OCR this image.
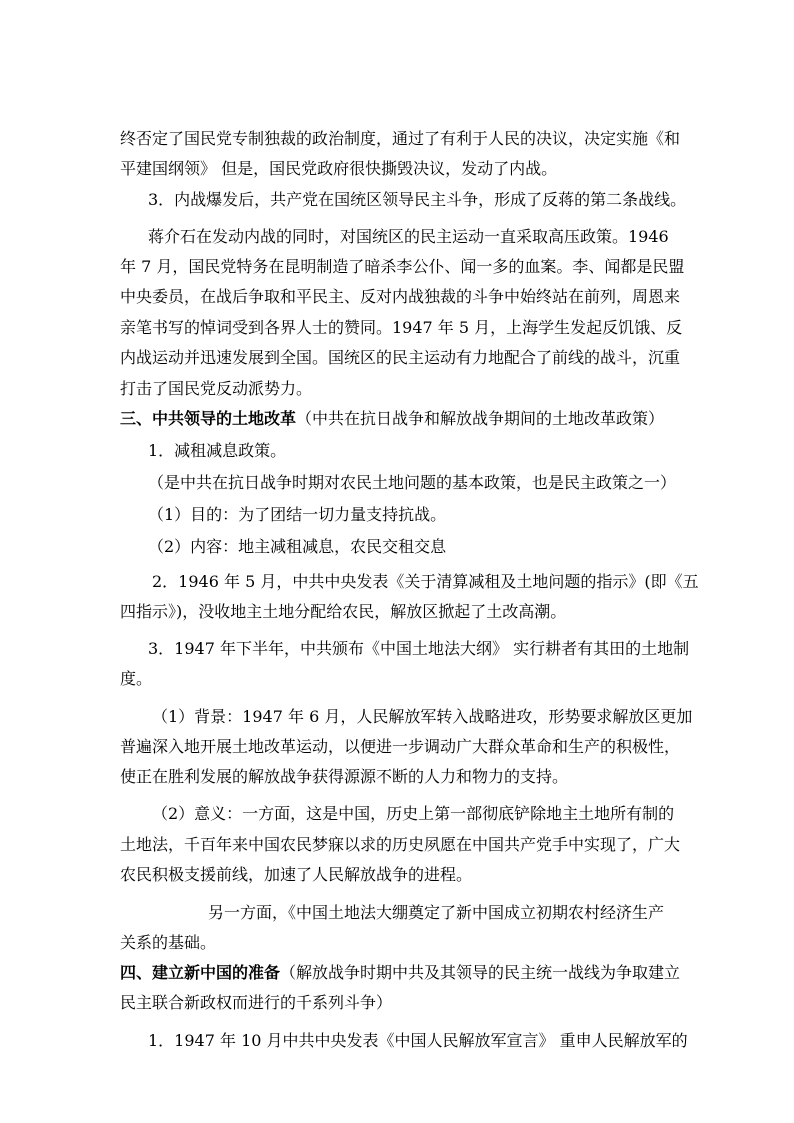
终否定了国民党专制独裁的政治制度，通过了有利于人民的决议，决定实施《和
平建国纲领》 但是，国民党政府很快撕毁决议，发动了内战。
3．内战爆发后，共产党在国统区领导民主斗争，形成了反蒋的第二条战线。
蒋介石在发动内战的同时，对国统区的民主运动一直采取高压政策。1946
年 7 月，国民党特务在昆明制造了暗杀李公仆、闻一多的血案。李、闻都是民盟
中央委员，在战后争取和平民主、反对内战独裁的斗争中始终站在前列，周恩来
亲笔书写的悼词受到各界人士的赞同。1947 年 5 月，上海学生发起反饥饿、反
内战运动并迅速发展到全国。国统区的民主运动有力地配合了前线的战斗，沉重
打击了国民党反动派势力。
三、中共领导的土地改革（中共在抗日战争和解放战争期间的土地改革政策）
1．减租减息政策。
（是中共在抗日战争时期对农民土地问题的基本政策，也是民主政策之一）
（1）目的：为了团结一切力量支持抗战。
（2）内容：地主减租减息，农民交租交息
2．1946 年 5 月，中共中央发表《关于清算减租及土地问题的指示》(即《五
四指示》)，没收地主土地分配给农民，解放区掀起了土改高潮。
3．1947 年下半年，中共颁布《中国土地法大纲》 实行耕者有其田的土地制
度。
（1）背景：1947 年 6 月，人民解放军转入战略进攻，形势要求解放区更加
普遍深入地开展土地改革运动，以便进一步调动广大群众革命和生产的积极性，
使正在胜利发展的解放战争获得源源不断的人力和物力的支持。
（2）意义：一方面，这是中国，历史上第一部彻底铲除地主土地所有制的
土地法，千百年来中国农民梦寐以求的历史夙愿在中国共产党手中实现了，广大
农民积极支援前线，加速了人民解放战争的进程。
另一方面，《中国土地法大绷奠定了新中国成立初期农村经济生产
关系的基础。
四、建立新中国的准备（解放战争时期中共及其领导的民主统一战线为争取建立
民主联合新政权而进行的千系列斗争）
1．1947 年 10 月中共中央发表《中国人民解放军宣言》 重申人民解放军的
